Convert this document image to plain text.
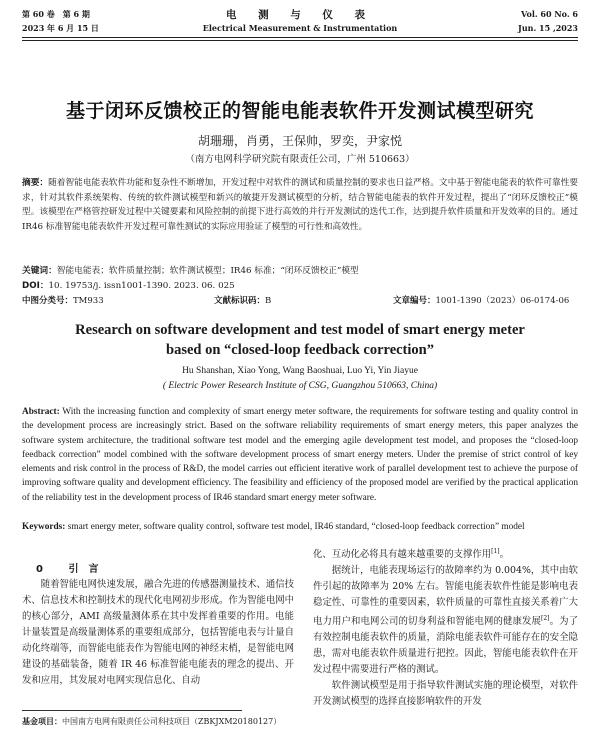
第 60 卷　第 6 期
2023 年 6 月 15 日
电 测 与 仪 表
Electrical Measurement & Instrumentation
Vol. 60 No. 6
Jun. 15 ,2023
基于闭环反馈校正的智能电能表软件开发测试模型研究
胡珊珊，肖勇，王保帅，罗奕，尹家悦
（南方电网科学研究院有限责任公司，广州 510663）
摘要：随着智能电能表软件功能和复杂性不断增加，开发过程中对软件的测试和质量控制的要求也日益严格。文中基于智能电能表的软件可靠性要求，针对其软件系统架构、传统的软件测试模型和新兴的敏捷开发测试模型的分析，结合智能电能表的软件开发过程，提出了“闭环反馈校正”模型。该模型在严格管控研发过程中关键要素和风险控制的前提下进行高效的并行开发测试的迭代工作，达到提升软件质量和开发效率的目的。通过 IR46 标准智能电能表软件开发过程可靠性测试的实际应用验证了模型的可行性和高效性。
关键词：智能电能表；软件质量控制；软件测试模型；IR46 标准；“闭环反馈校正”模型
DOI：10. 19753/j. issn1001-1390. 2023. 06. 025
中图分类号：TM933	文献标识码：B	文章编号：1001-1390（2023）06-0174-06
Research on software development and test model of smart energy meter
based on “closed-loop feedback correction”
Hu Shanshan, Xiao Yong, Wang Baoshuai, Luo Yi, Yin Jiayue
( Electric Power Research Institute of CSG, Guangzhou 510663, China)
Abstract: With the increasing function and complexity of smart energy meter software, the requirements for software testing and quality control in the development process are increasingly strict. Based on the software reliability requirements of smart energy meters, this paper analyzes the software system architecture, the traditional software test model and the emerging agile development test model, and proposes the “closed-loop feedback correction” model combined with the software development process of smart energy meters. Under the premise of strict control of key elements and risk control in the process of R&D, the model carries out efficient iterative work of parallel development test to achieve the purpose of improving software quality and development efficiency. The feasibility and efficiency of the proposed model are verified by the practical application of the reliability test in the development process of IR46 standard smart energy meter software.
Keywords: smart energy meter, software quality control, software test model, IR46 standard, “closed-loop feedback correction” model
0	引　言
随着智能电网快速发展，融合先进的传感器测量技术、通信技术、信息技术和控制技术的现代化电网初步形成。作为智能电网中的核心部分，AMI 高级量测体系在其中发挥着重要的作用。电能计量装置是高级量测体系的重要组成部分，包括智能电表与计量自动化终端等，而智能电能表作为智能电网的神经末梢，是智能电网建设的基础装备，随着 IR 46 标准智能电能表的理念的提出、开发和应用，其发展对电网实现信息化、自动
化、互动化必将具有越来越重要的支撑作用[1]。
据统计，电能表现场运行的故障率约为 0.004%，其中由软件引起的故障率为 20% 左右。智能电能表软件性能是影响电表稳定性、可靠性的重要因素，软件质量的可靠性直接关系着广大电力用户和电网公司的切身利益和智能电网的健康发展[2]。为了有效控制电能表软件的质量，消除电能表软件可能存在的安全隐患，需对电能表软件质量进行把控。因此，智能电能表软件在开发过程中需要进行严格的测试。
软件测试模型是用于指导软件测试实施的理论模型，对软件开发测试模型的选择直接影响软件的开发
基金项目：中国南方电网有限责任公司科技项目（ZBKJXM20180127）
